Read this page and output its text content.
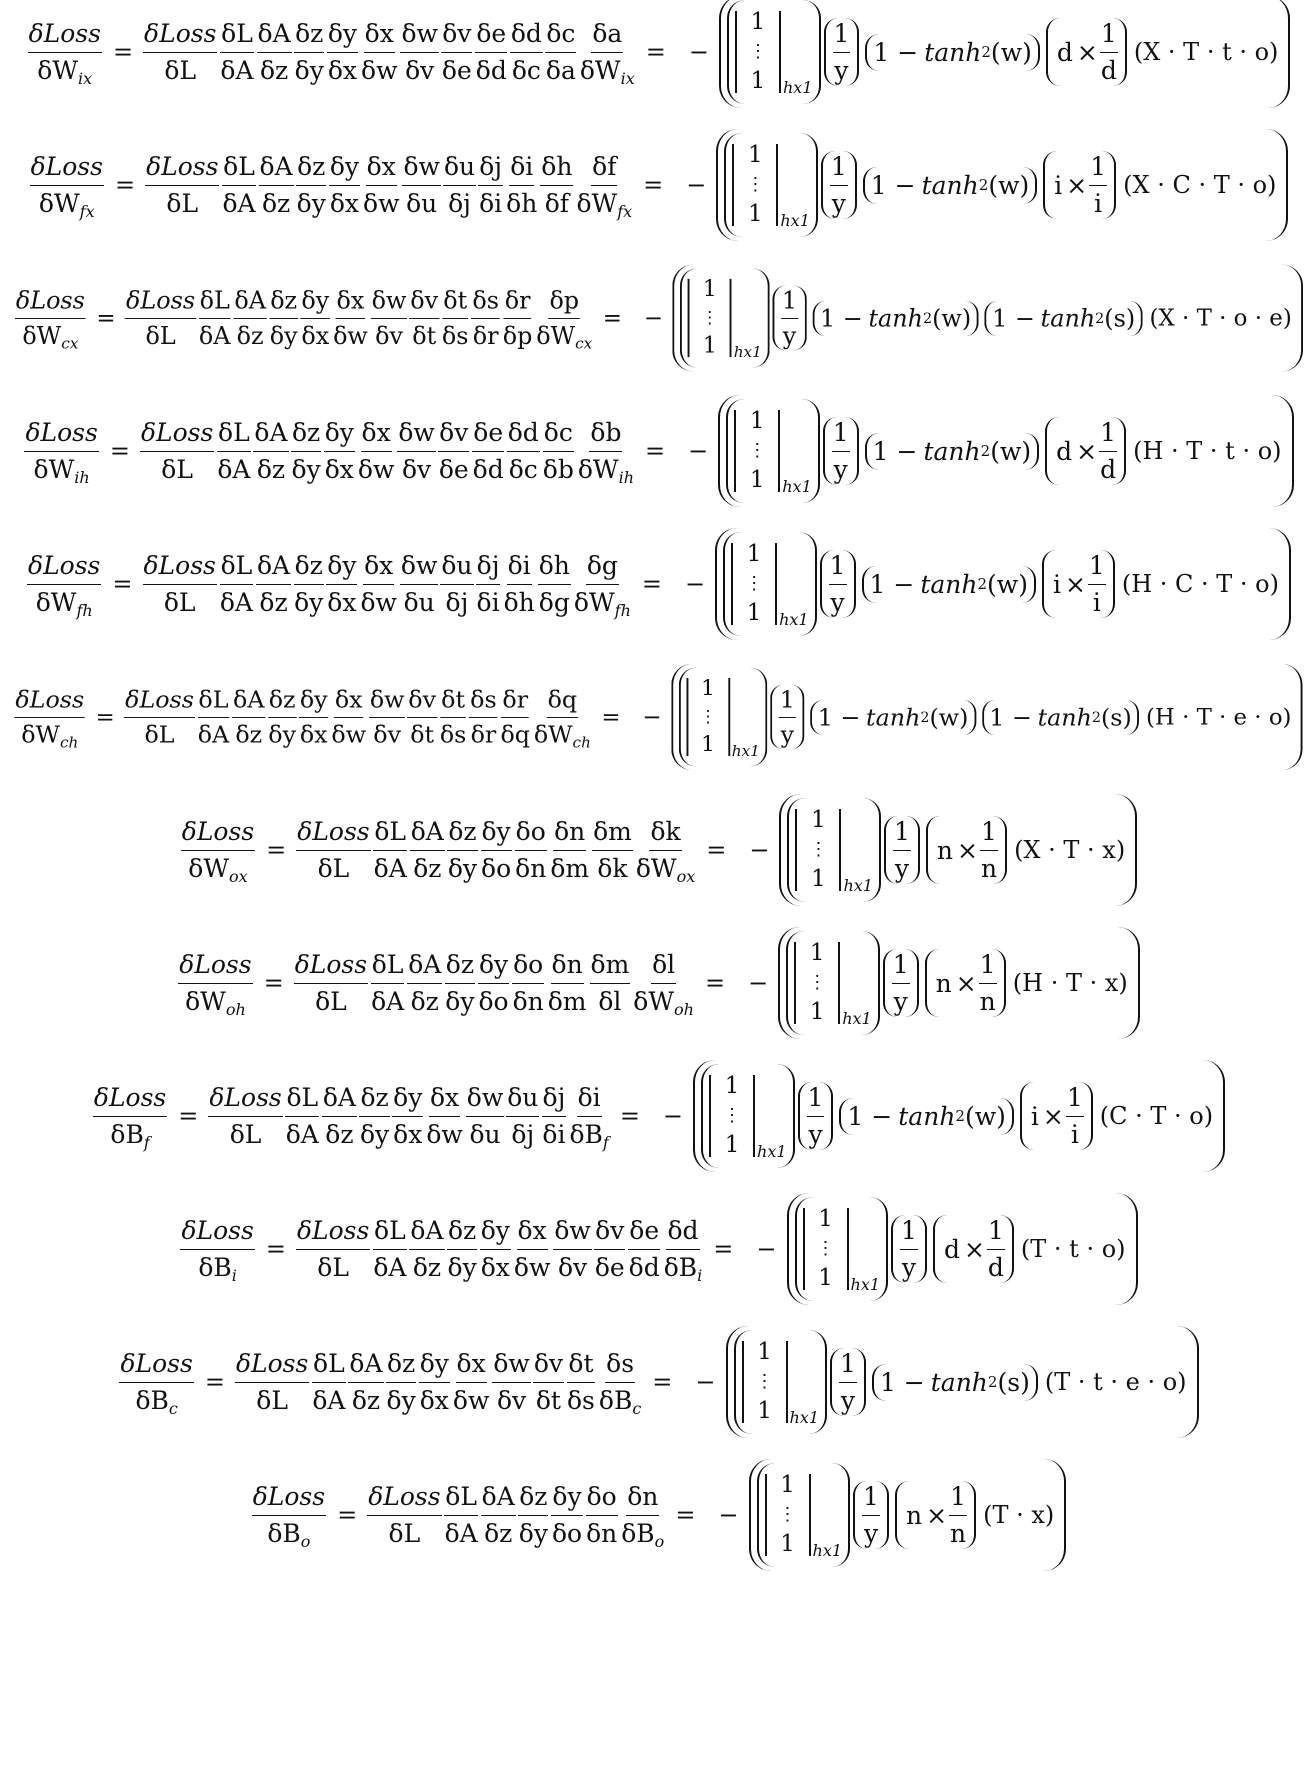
$\frac{\text{δLoss}}{\delta W_{ix}} = \frac{\text{δLoss}}{\delta L} \frac{\delta L}{\delta A} \frac{\delta A}{\delta z} \frac{\delta z}{\delta y} \frac{\delta y}{\delta x} \frac{\delta x}{\delta w} \frac{\delta w}{\delta v} \frac{\delta v}{\delta e} \frac{\delta e}{\delta d} \frac{\delta d}{\delta c} \frac{\delta c}{\delta a} \frac{\delta a}{\delta W_{ix}}$ = −
1
⋮
1 hx1
$\frac{1}{y} 1 - \tanh 2$ ( w ) $d \times \frac{1}{d} (X \cdot T \cdot t \cdot o)$
$\frac{\text{δLoss}}{\delta W_{fx}} = \frac{\text{δLoss}}{\delta L} \frac{\delta L}{\delta A} \frac{\delta A}{\delta z} \frac{\delta z}{\delta y} \frac{\delta y}{\delta x} \frac{\delta x}{\delta w} \frac{\delta w}{\delta u} \frac{\delta u}{\delta j} \frac{\delta j}{\delta i} \frac{\delta i}{\delta h} \frac{\delta h}{\delta f} \frac{\delta f}{\delta W_{fx}}$ = −
1
⋮
1 hx1
$\frac{1}{y} 1 - \tanh 2$ ( w ) $i \times \frac{1}{i} (X \cdot C \cdot T \cdot o)$
$\frac{\text{δLoss}}{\delta W_{cx}} = \frac{\text{δLoss}}{\delta L} \frac{\delta L}{\delta A} \frac{\delta A}{\delta z} \frac{\delta z}{\delta y} \frac{\delta y}{\delta x} \frac{\delta x}{\delta w} \frac{\delta w}{\delta v} \frac{\delta v}{\delta t} \frac{\delta t}{\delta s} \frac{\delta s}{\delta r} \frac{\delta r}{\delta p} \frac{\delta p}{\delta W_{cx}}$ = −
1
⋮
1 hx1
$\frac{1}{y} 1 - \tanh 2$ ( w ) 1 − tanh 2 ( s ) (X · T · o · e)
$\frac{\text{δLoss}}{\delta W_{ih}} = \frac{\text{δLoss}}{\delta L} \frac{\delta L}{\delta A} \frac{\delta A}{\delta z} \frac{\delta z}{\delta y} \frac{\delta y}{\delta x} \frac{\delta x}{\delta w} \frac{\delta w}{\delta v} \frac{\delta v}{\delta e} \frac{\delta e}{\delta d} \frac{\delta d}{\delta c} \frac{\delta c}{\delta b} \frac{\delta b}{\delta W_{ih}}$ = −
1
⋮
1 hx1
$\frac{1}{y} 1 - \tanh 2$ ( w ) $d \times \frac{1}{d} (H \cdot T \cdot t \cdot o)$
$\frac{\text{δLoss}}{\delta W_{fh}} = \frac{\text{δLoss}}{\delta L} \frac{\delta L}{\delta A} \frac{\delta A}{\delta z} \frac{\delta z}{\delta y} \frac{\delta y}{\delta x} \frac{\delta x}{\delta w} \frac{\delta w}{\delta u} \frac{\delta u}{\delta j} \frac{\delta j}{\delta i} \frac{\delta i}{\delta h} \frac{\delta h}{\delta g} \frac{\delta g}{\delta W_{fh}}$ = −
1
⋮
1 hx1
$\frac{1}{y} 1 - \tanh 2$ ( w ) $i \times \frac{1}{i} (H \cdot C \cdot T \cdot o)$
$\frac{\text{δLoss}}{\delta W_{ch}} = \frac{\text{δLoss}}{\delta L} \frac{\delta L}{\delta A} \frac{\delta A}{\delta z} \frac{\delta z}{\delta y} \frac{\delta y}{\delta x} \frac{\delta x}{\delta w} \frac{\delta w}{\delta v} \frac{\delta v}{\delta t} \frac{\delta t}{\delta s} \frac{\delta s}{\delta r} \frac{\delta r}{\delta q} \frac{\delta q}{\delta W_{ch}}$ = −
1
⋮
1 hx1
$\frac{1}{y} 1 - \tanh 2$ ( w ) 1 − tanh 2 ( s ) (H · T · e · o)
$\frac{\text{δLoss}}{\delta W_{ox}} = \frac{\text{δLoss}}{\delta L} \frac{\delta L}{\delta A} \frac{\delta A}{\delta z} \frac{\delta z}{\delta y} \frac{\delta y}{\delta o} \frac{\delta o}{\delta n} \frac{\delta n}{\delta m} \frac{\delta m}{\delta k} \frac{\delta k}{\delta W_{ox}}$ = −
1
⋮
1 hx1
$\frac{1}{y}$ $n \times \frac{1}{n} (X \cdot T \cdot x)$
$\frac{\text{δLoss}}{\delta W_{oh}} = \frac{\text{δLoss}}{\delta L} \frac{\delta L}{\delta A} \frac{\delta A}{\delta z} \frac{\delta z}{\delta y} \frac{\delta y}{\delta o} \frac{\delta o}{\delta n} \frac{\delta n}{\delta m} \frac{\delta m}{\delta l} \frac{\delta l}{\delta W_{oh}}$ = −
1
⋮
1 hx1
$\frac{1}{y}$ $n \times \frac{1}{n} (H \cdot T \cdot x)$
$\frac{\text{δLoss}}{\delta B_f} = \frac{\text{δLoss}}{\delta L} \frac{\delta L}{\delta A} \frac{\delta A}{\delta z} \frac{\delta z}{\delta y} \frac{\delta y}{\delta x} \frac{\delta x}{\delta w} \frac{\delta w}{\delta u} \frac{\delta u}{\delta j} \frac{\delta j}{\delta i} \frac{\delta i}{\delta B_f}$ = −
1
⋮
1 hx1
$\frac{1}{y} 1 - \tanh 2$ ( w ) $i \times \frac{1}{i} (C \cdot T \cdot o)$
$\frac{\text{δLoss}}{\delta B_i} = \frac{\text{δLoss}}{\delta L} \frac{\delta L}{\delta A} \frac{\delta A}{\delta z} \frac{\delta z}{\delta y} \frac{\delta y}{\delta x} \frac{\delta x}{\delta w} \frac{\delta w}{\delta v} \frac{\delta v}{\delta e} \frac{\delta e}{\delta d} \frac{\delta d}{\delta B_i}$ = −
1
⋮
1 hx1
$\frac{1}{y}$ $d \times \frac{1}{d} (T \cdot t \cdot o)$
$\frac{\text{δLoss}}{\delta B_c} = \frac{\text{δLoss}}{\delta L} \frac{\delta L}{\delta A} \frac{\delta A}{\delta z} \frac{\delta z}{\delta y} \frac{\delta y}{\delta x} \frac{\delta x}{\delta w} \frac{\delta w}{\delta v} \frac{\delta v}{\delta t} \frac{\delta t}{\delta s} \frac{\delta s}{\delta B_c}$ = −
1
⋮
1 hx1
$\frac{1}{y} 1 - \tanh 2$ ( s ) (T · t · e · o)
$\frac{\text{δLoss}}{\delta B_o} = \frac{\text{δLoss}}{\delta L} \frac{\delta L}{\delta A} \frac{\delta A}{\delta z} \frac{\delta z}{\delta y} \frac{\delta y}{\delta o} \frac{\delta o}{\delta n} \frac{\delta n}{\delta B_o}$ = −
1
⋮
1 hx1
$\frac{1}{y}$ $n \times \frac{1}{n} (T \cdot x)$
